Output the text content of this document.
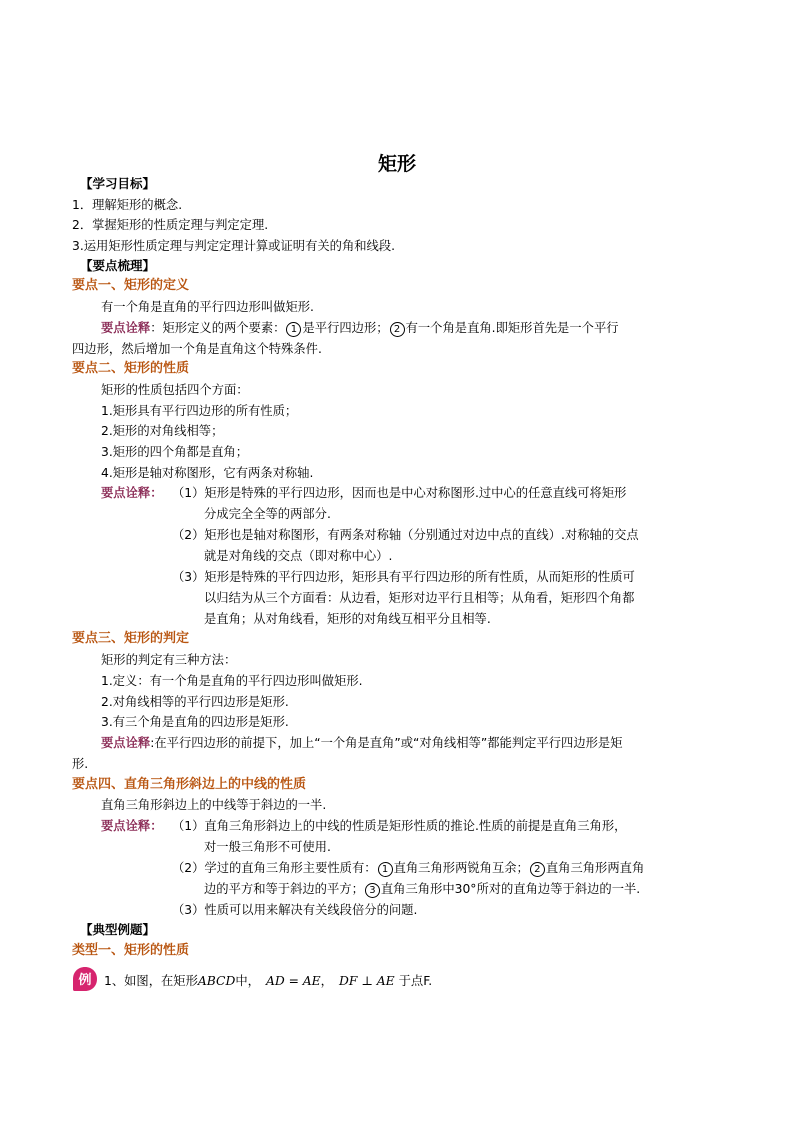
矩形
【学习目标】
1．理解矩形的概念.
2．掌握矩形的性质定理与判定定理.
3.运用矩形性质定理与判定定理计算或证明有关的角和线段.
【要点梳理】
要点一、矩形的定义
有一个角是直角的平行四边形叫做矩形.
要点诠释：矩形定义的两个要素： 1 是平行四边形； 2 有一个角是直角.即矩形首先是一个平行
四边形，然后增加一个角是直角这个特殊条件.
要点二、矩形的性质
矩形的性质包括四个方面：
1.矩形具有平行四边形的所有性质；
2.矩形的对角线相等；
3.矩形的四个角都是直角；
4.矩形是轴对称图形，它有两条对称轴.
要点诠释： （1）矩形是特殊的平行四边形，因而也是中心对称图形.过中心的任意直线可将矩形
分成完全全等的两部分.
（2）矩形也是轴对称图形，有两条对称轴（分别通过对边中点的直线）.对称轴的交点
就是对角线的交点（即对称中心）.
（3）矩形是特殊的平行四边形，矩形具有平行四边形的所有性质，从而矩形的性质可
以归结为从三个方面看：从边看，矩形对边平行且相等；从角看，矩形四个角都
是直角；从对角线看，矩形的对角线互相平分且相等.
要点三、矩形的判定
矩形的判定有三种方法：
1.定义：有一个角是直角的平行四边形叫做矩形.
2.对角线相等的平行四边形是矩形.
3.有三个角是直角的四边形是矩形.
要点诠释:在平行四边形的前提下，加上“一个角是直角”或“对角线相等”都能判定平行四边形是矩
形.
要点四、直角三角形斜边上的中线的性质
直角三角形斜边上的中线等于斜边的一半.
要点诠释： （1）直角三角形斜边上的中线的性质是矩形性质的推论.性质的前提是直角三角形，
对一般三角形不可使用.
（2）学过的直角三角形主要性质有： 1 直角三角形两锐角互余； 2 直角三角形两直角
边的平方和等于斜边的平方； 3 直角三角形中30°所对的直角边等于斜边的一半.
（3）性质可以用来解决有关线段倍分的问题.
【典型例题】
类型一、矩形的性质
例 1、如图，在矩形ABCD中， AD = AE， DF ⊥ AE 于点F.
